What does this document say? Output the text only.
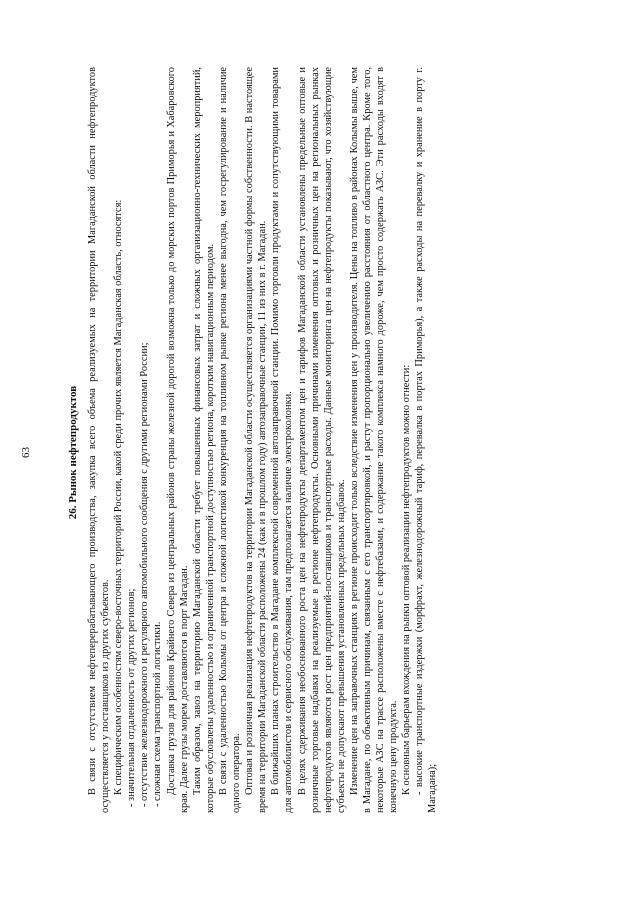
63	26. Рынок нефтепродуктов В связи с отсутствием нефтеперерабатывающего производства, закупка всего объема реализуемых на территории Магаданской области нефтепродуктов осуществляется у поставщиков из других субъектов. К специфическим особенностям северо-восточных территорий России, какой среди прочих является Магаданская область, относятся: - значительная отдаленность от других регионов; - отсутствие железнодорожного и регулярного автомобильного сообщения с другими регионами России; - сложная схема транспортной логистики. Доставка грузов для районов Крайнего Севера из центральных районов страны железной дорогой возможна только до морских портов Приморья и Хабаровского края. Далее грузы морем доставляются в порт Магадан. Таким образом, завоз на территорию Магаданской области требует повышенных финансовых затрат и сложных организационно-технических мероприятий, которые обусловлены удаленностью и ограниченной транспортной доступностью региона, коротким навигационным периодом. В связи с удаленностью Колымы от центра и сложной логистикой конкуренция на топливном рынке региона менее выгодна, чем госрегулирование и наличие одного оператора. Оптовая и розничная реализация нефтепродуктов на территории Магаданской области осуществляется организациями частной формы собственности. В настоящее время на территории Магаданской области расположены 24 (как и в прошлом году) автозаправочные станции, 11 из них в г. Магадан. В ближайших планах строительство в Магадане комплексной современной автозаправочной станции. Помимо торговли продуктами и сопутствующими товарами для автомобилистов и сервисного обслуживания, там предполагается наличие электроколонки. В целях сдерживания необоснованного роста цен на нефтепродукты департаментом цен и тарифов Магаданской области установлены предельные оптовые и розничные торговые надбавки на реализуемые в регионе нефтепродукты. Основными причинами изменения оптовых и розничных цен на региональных рынках нефтепродуктов являются рост цен предприятий-поставщиков и транспортные расходы. Данные мониторинга цен на нефтепродукты показывают, что хозяйствующие субъекты не допускают превышения установленных предельных надбавок. Изменение цен на заправочных станциях в регионе происходит только вследствие изменения цен у производителя. Цены на топливо в районах Колымы выше, чем в Магадане, по объективным причинам, связанным с его транспортировкой, и растут пропорционально увеличению расстояния от областного центра. Кроме того, некоторые АЗС на трассе расположены вместе с нефтебазами, и содержание такого комплекса намного дороже, чем просто содержать АЗС. Эти расходы входят в конечную цену продукта. К основным барьерам вхождения на рынки оптовой реализации нефтепродуктов можно отнести: - высокие транспортные издержки (морфрахт, железнодорожный тариф, перевалка в портах Приморья), а также расходы на перевалку и хранение в порту г. Магадана);
